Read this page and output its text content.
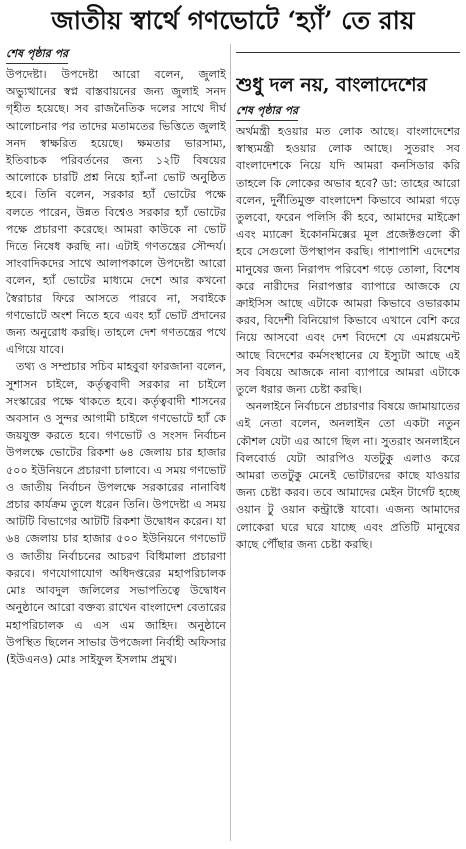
জাতীয় স্বার্থে গণভোটে ‘হ্যাঁ’ তে রায়
শেষ পৃষ্ঠার পর

উপদেষ্টা। উপদেষ্টা আরো বলেন, জুলাই অভ্যুত্থানের স্বপ্ন বাস্তবায়নের জন্য জুলাই সনদ গৃহীত হয়েছে। সব রাজনৈতিক দলের সাথে দীর্ঘ আলোচনার পর তাদের মতামতের ভিত্তিতে জুলাই সনদ স্বাক্ষরিত হয়েছে। ক্ষমতার ভারসাম্য, ইতিবাচক পরিবর্তনের জন্য ১২টি বিষয়ের আলোকে চারটি প্রশ্ন নিয়ে হ্যাঁ-না ভোট অনুষ্ঠিত হবে। তিনি বলেন, সরকার হ্যাঁ ভোটের পক্ষে বলতে পারেন, উন্নত বিশ্বেও সরকার হ্যাঁ ভোটের পক্ষে প্রচারণা করেছে। আমরা কাউকে না ভোট দিতে নিষেধ করছি না। এটাই গণতন্ত্রের সৌন্দর্য। সাংবাদিকদের সাথে আলাপকালে উপদেষ্টা আরো বলেন, হ্যাঁ ভোটের মাধ্যমে দেশে আর কখনো স্বৈরাচার ফিরে আসতে পারবে না, সবাইকে গণভোটে অংশ নিতে হবে এবং হ্যাঁ ভোট প্রদানের জন্য অনুরোধ করছি। তাহলে দেশ গণতন্ত্রের পথে এগিয়ে যাবে।

তথ্য ও সম্প্রচার সচিব মাহবুবা ফারজানা বলেন, সুশাসন চাইলে, কর্তৃত্ববাদী সরকার না চাইলে সংস্কারের পক্ষে থাকতে হবে। কর্তৃত্ববাদী শাসনের অবসান ও সুন্দর আগামী চাইলে গণভোটে হ্যাঁ কে জয়যুক্ত করতে হবে। গণভোট ও সংসদ নির্বাচন উপলক্ষে ভোটের রিকশা ৬৪ জেলায় চার হাজার ৫০০ ইউনিয়নে প্রচারণা চালাবে। এ সময় গণভোট ও জাতীয় নির্বাচন উপলক্ষে সরকারের নানাবিধ প্রচার কার্যক্রম তুলে ধরেন তিনি। উপদেষ্টা এ সময় আটটি বিভাগের আটটি রিকশা উদ্বোধন করেন। যা ৬৪ জেলায় চার হাজার ৫০০ ইউনিয়নে গণভোট ও জাতীয় নির্বাচনের আচরণ বিধিমালা প্রচারণা করবে। গণযোগাযোগ অধিদপ্তরের মহাপরিচালক মোঃ আবদুল জলিলের সভাপতিত্বে উদ্বোধন অনুষ্ঠানে আরো বক্তব্য রাখেন বাংলাদেশ বেতারের মহাপরিচালক এ এস এম জাহিদ। অনুষ্ঠানে উপস্থিত ছিলেন সাভার উপজেলা নির্বাহী অফিসার (ইউএনও) মোঃ সাইফুল ইসলাম প্রমুখ।

শুধু দল নয়, বাংলাদেশের
শেষ পৃষ্ঠার পর

অর্থমন্ত্রী হওয়ার মত লোক আছে। বাংলাদেশের স্বাস্থ্যমন্ত্রী হওয়ার লোক আছে। সুতরাং সব বাংলাদেশকে নিয়ে যদি আমরা কনসিডার করি তাহলে কি লোকের অভাব হবে? ডা: তাহের আরো বলেন, দুর্নীতিমুক্ত বাংলাদেশ কিভাবে আমরা গড়ে তুলবো, ফরেন পলিসি কী হবে, আমাদের মাইক্রো এবং ম্যাক্রো ইকোনমিক্সের মূল প্রজেক্টগুলো কী হবে সেগুলো উপস্থাপন করছি। পাশাপাশি এদেশের মানুষের জন্য নিরাপদ পরিবেশ গড়ে তোলা, বিশেষ করে নারীদের নিরাপত্তার ব্যাপারে আজকে যে ক্রাইসিস আছে এটাকে আমরা কিভাবে ওভারকাম করব, বিদেশী বিনিয়োগ কিভাবে এখানে বেশি করে নিয়ে আসবো এবং দেশ বিদেশে যে এমপ্লয়মেন্ট আছে বিদেশের কর্মসংস্থানের যে ইস্যুটা আছে এই সব বিষয়ে আজকে নানা ব্যাপারে আমরা এটাকে তুলে ধরার জন্য চেষ্টা করছি।

অনলাইনে নির্বাচনে প্রচারণার বিষয়ে জামায়াতের এই নেতা বলেন, অনলাইন তো একটা নতুন কৌশল যেটা এর আগে ছিল না। সুতরাং অনলাইনে বিলবোর্ড যেটা আরপিও যতটুকু এলাও করে আমরা ততটুকু মেনেই ভোটারদের কাছে যাওয়ার জন্য চেষ্টা করব। তবে আমাদের মেইন টার্গেট হচ্ছে ওয়ান টু ওয়ান কন্ট্রাক্টে যাবো। এজন্য আমাদের লোকেরা ঘরে ঘরে যাচ্ছে এবং প্রতিটি মানুষের কাছে পৌঁছার জন্য চেষ্টা করছি।
